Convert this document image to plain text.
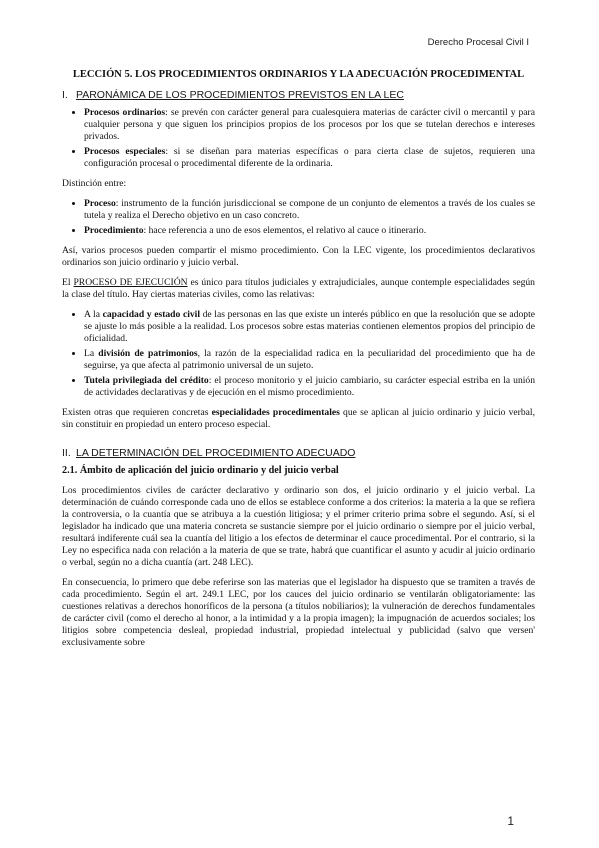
Derecho Procesal Civil I
LECCIÓN 5. LOS PROCEDIMIENTOS ORDINARIOS Y LA ADECUACIÓN PROCEDIMENTAL
I. PARONÁMICA DE LOS PROCEDIMIENTOS PREVISTOS EN LA LEC
• Procesos ordinarios: se prevén con carácter general para cualesquiera materias de carácter civil o mercantil y para cualquier persona y que siguen los principios propios de los procesos por los que se tutelan derechos e intereses privados.
• Procesos especiales: si se diseñan para materias específicas o para cierta clase de sujetos, requieren una configuración procesal o procedimental diferente de la ordinaria.

Distinción entre:

• Proceso: instrumento de la función jurisdiccional se compone de un conjunto de elementos a través de los cuales se tutela y realiza el Derecho objetivo en un caso concreto.
• Procedimiento: hace referencia a uno de esos elementos, el relativo al cauce o itinerario.

Así, varios procesos pueden compartir el mismo procedimiento. Con la LEC vigente, los procedimientos declarativos ordinarios son juicio ordinario y juicio verbal.

El PROCESO DE EJECUCIÓN es único para títulos judiciales y extrajudiciales, aunque contemple especialidades según la clase del título. Hay ciertas materias civiles, como las relativas:

• A la capacidad y estado civil de las personas en las que existe un interés público en que la resolución que se adopte se ajuste lo más posible a la realidad. Los procesos sobre estas materias contienen elementos propios del principio de oficialidad.
• La división de patrimonios, la razón de la especialidad radica en la peculiaridad del procedimiento que ha de seguirse, ya que afecta al patrimonio universal de un sujeto.
• Tutela privilegiada del crédito: el proceso monitorio y el juicio cambiario, su carácter especial estriba en la unión de actividades declarativas y de ejecución en el mismo procedimiento.

Existen otras que requieren concretas especialidades procedimentales que se aplican al juicio ordinario y juicio verbal, sin constituir en propiedad un entero proceso especial.

II. LA DETERMINACIÓN DEL PROCEDIMIENTO ADECUADO
2.1. Ámbito de aplicación del juicio ordinario y del juicio verbal

Los procedimientos civiles de carácter declarativo y ordinario son dos, el juicio ordinario y el juicio verbal. La determinación de cuándo corresponde cada uno de ellos se establece conforme a dos criterios: la materia a la que se refiera la controversia, o la cuantía que se atribuya a la cuestión litigiosa; y el primer criterio prima sobre el segundo. Así, si el legislador ha indicado que una materia concreta se sustancie siempre por el juicio ordinario o siempre por el juicio verbal, resultará indiferente cuál sea la cuantía del litigio a los efectos de determinar el cauce procedimental. Por el contrario, si la Ley no especifica nada con relación a la materia de que se trate, habrá que cuantificar el asunto y acudir al juicio ordinario o verbal, según no a dicha cuantía (art. 248 LEC).

En consecuencia, lo primero que debe referirse son las materias que el legislador ha dispuesto que se tramiten a través de cada procedimiento. Según el art. 249.1 LEC, por los cauces del juicio ordinario se ventilarán obligatoriamente: las cuestiones relativas a derechos honoríficos de la persona (a títulos nobiliarios); la vulneración de derechos fundamentales de carácter civil (como el derecho al honor, a la intimidad y a la propia imagen); la impugnación de acuerdos sociales; los litigios sobre competencia desleal, propiedad industrial, propiedad intelectual y publicidad (salvo que versen' exclusivamente sobre

1
